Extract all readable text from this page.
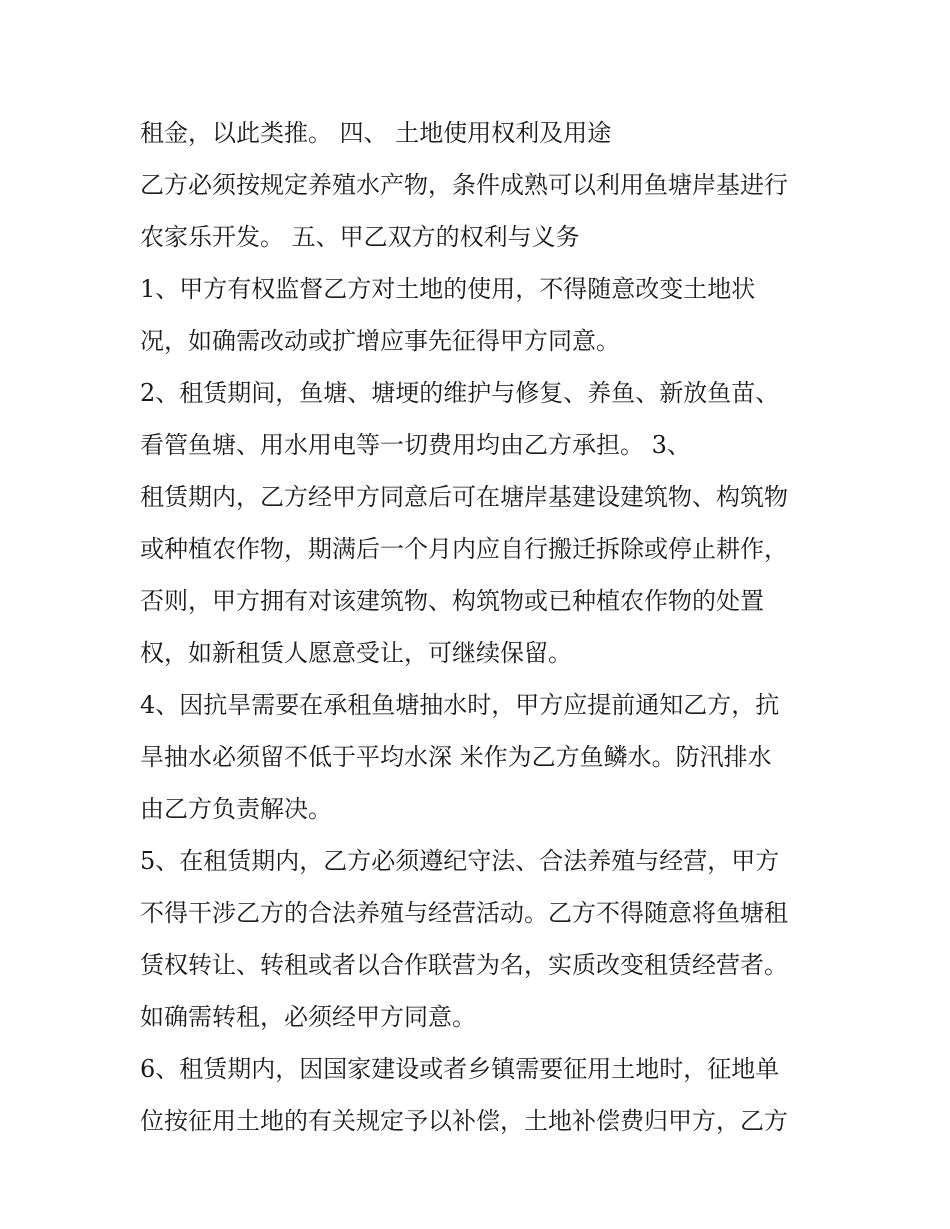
租金，以此类推。 四、 土地使用权利及用途
乙方必须按规定养殖水产物，条件成熟可以利用鱼塘岸基进行
农家乐开发。 五、甲乙双方的权利与义务
1、甲方有权监督乙方对土地的使用，不得随意改变土地状
况，如确需改动或扩增应事先征得甲方同意。
2、租赁期间，鱼塘、塘埂的维护与修复、养鱼、新放鱼苗、
看管鱼塘、用水用电等一切费用均由乙方承担。 3、
租赁期内，乙方经甲方同意后可在塘岸基建设建筑物、构筑物
或种植农作物，期满后一个月内应自行搬迁拆除或停止耕作，
否则，甲方拥有对该建筑物、构筑物或已种植农作物的处置
权，如新租赁人愿意受让，可继续保留。
4、因抗旱需要在承租鱼塘抽水时，甲方应提前通知乙方，抗
旱抽水必须留不低于平均水深 米作为乙方鱼鳞水。防汛排水
由乙方负责解决。
5、在租赁期内，乙方必须遵纪守法、合法养殖与经营，甲方
不得干涉乙方的合法养殖与经营活动。乙方不得随意将鱼塘租
赁权转让、转租或者以合作联营为名，实质改变租赁经营者。
如确需转租，必须经甲方同意。
6、租赁期内，因国家建设或者乡镇需要征用土地时，征地单
位按征用土地的有关规定予以补偿，土地补偿费归甲方，乙方
